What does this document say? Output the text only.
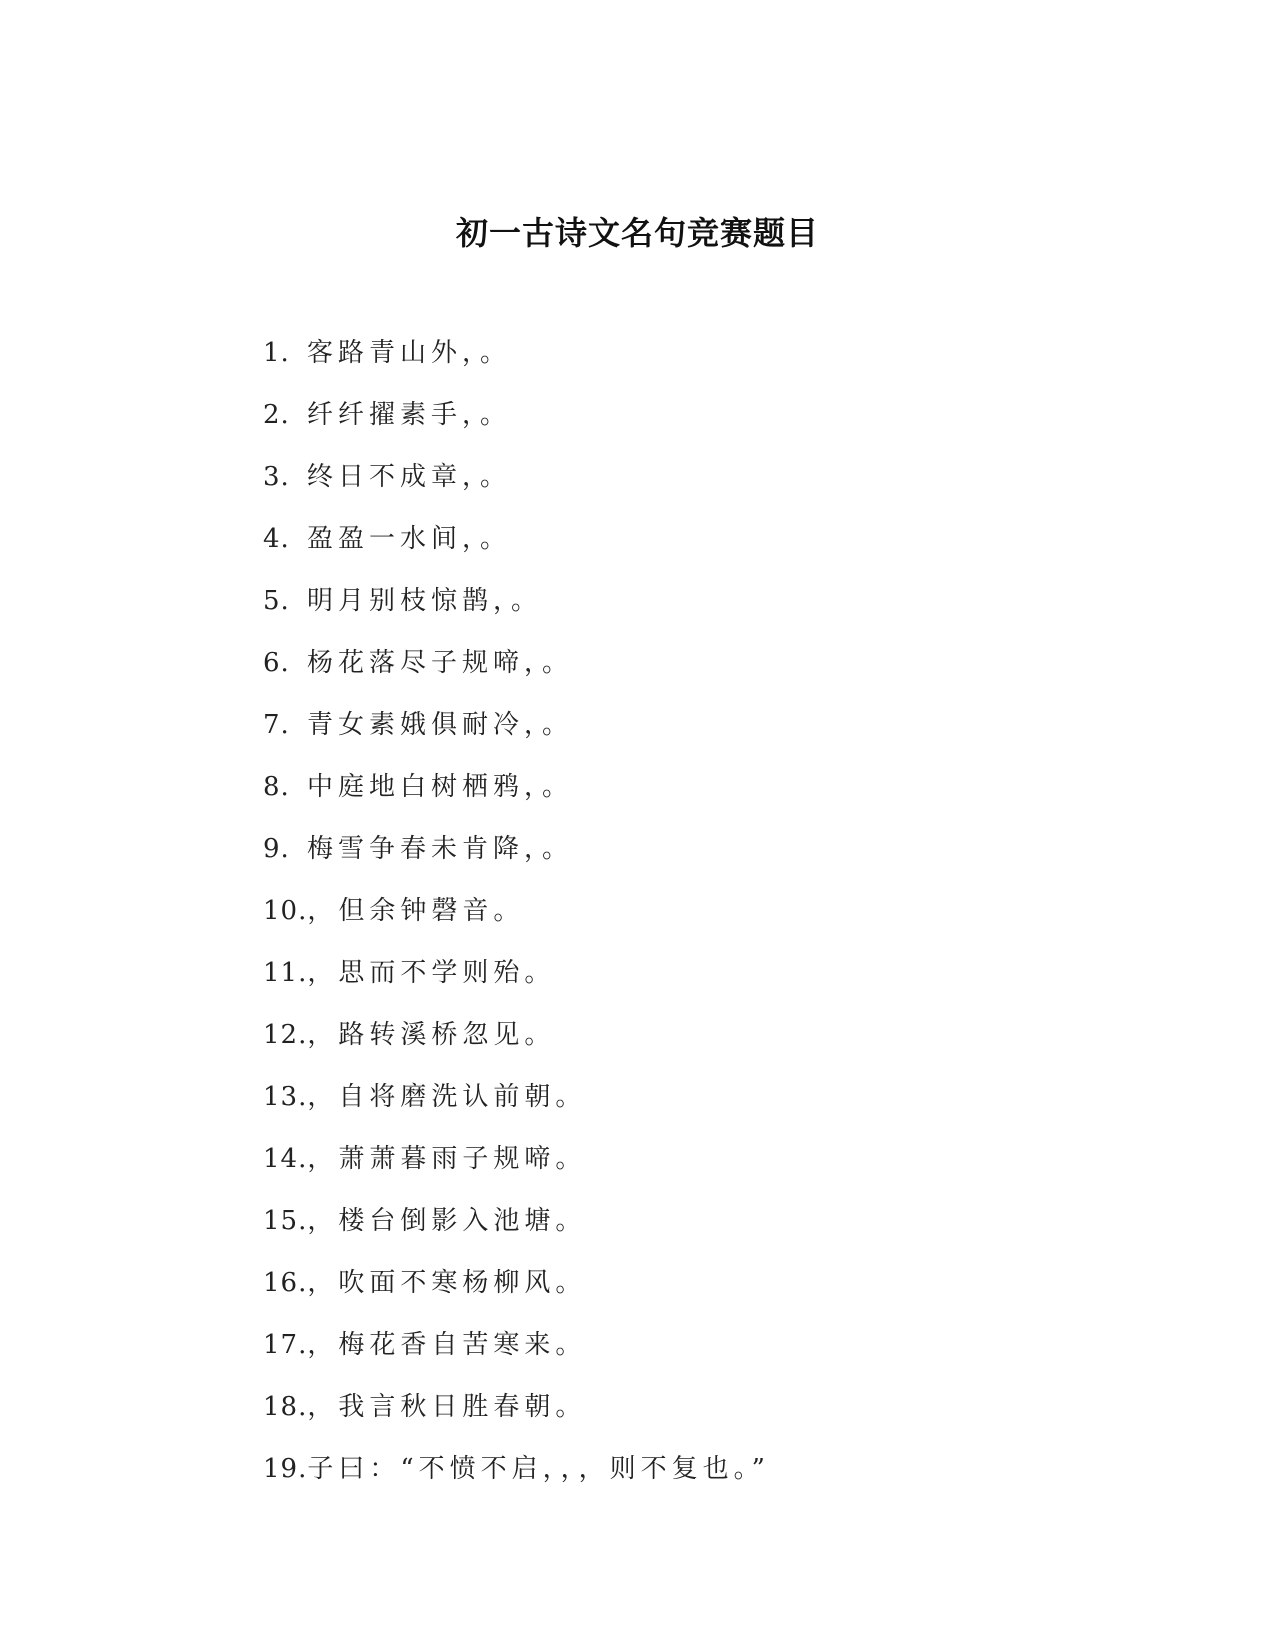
初一古诗文名句竞赛题目
1. 客路青山外，。
2. 纤纤擢素手，。
3. 终日不成章，。
4. 盈盈一水间，。
5. 明月别枝惊鹊，。
6. 杨花落尽子规啼，。
7. 青女素娥俱耐冷，。
8. 中庭地白树栖鸦，。
9. 梅雪争春未肯降，。
10.，但余钟磬音。
11.，思而不学则殆。
12.，路转溪桥忽见。
13.，自将磨洗认前朝。
14.，萧萧暮雨子规啼。
15.，楼台倒影入池塘。
16.，吹面不寒杨柳风。
17.，梅花香自苦寒来。
18.，我言秋日胜春朝。
19.子曰：“不愤不启，，，则不复也。”
